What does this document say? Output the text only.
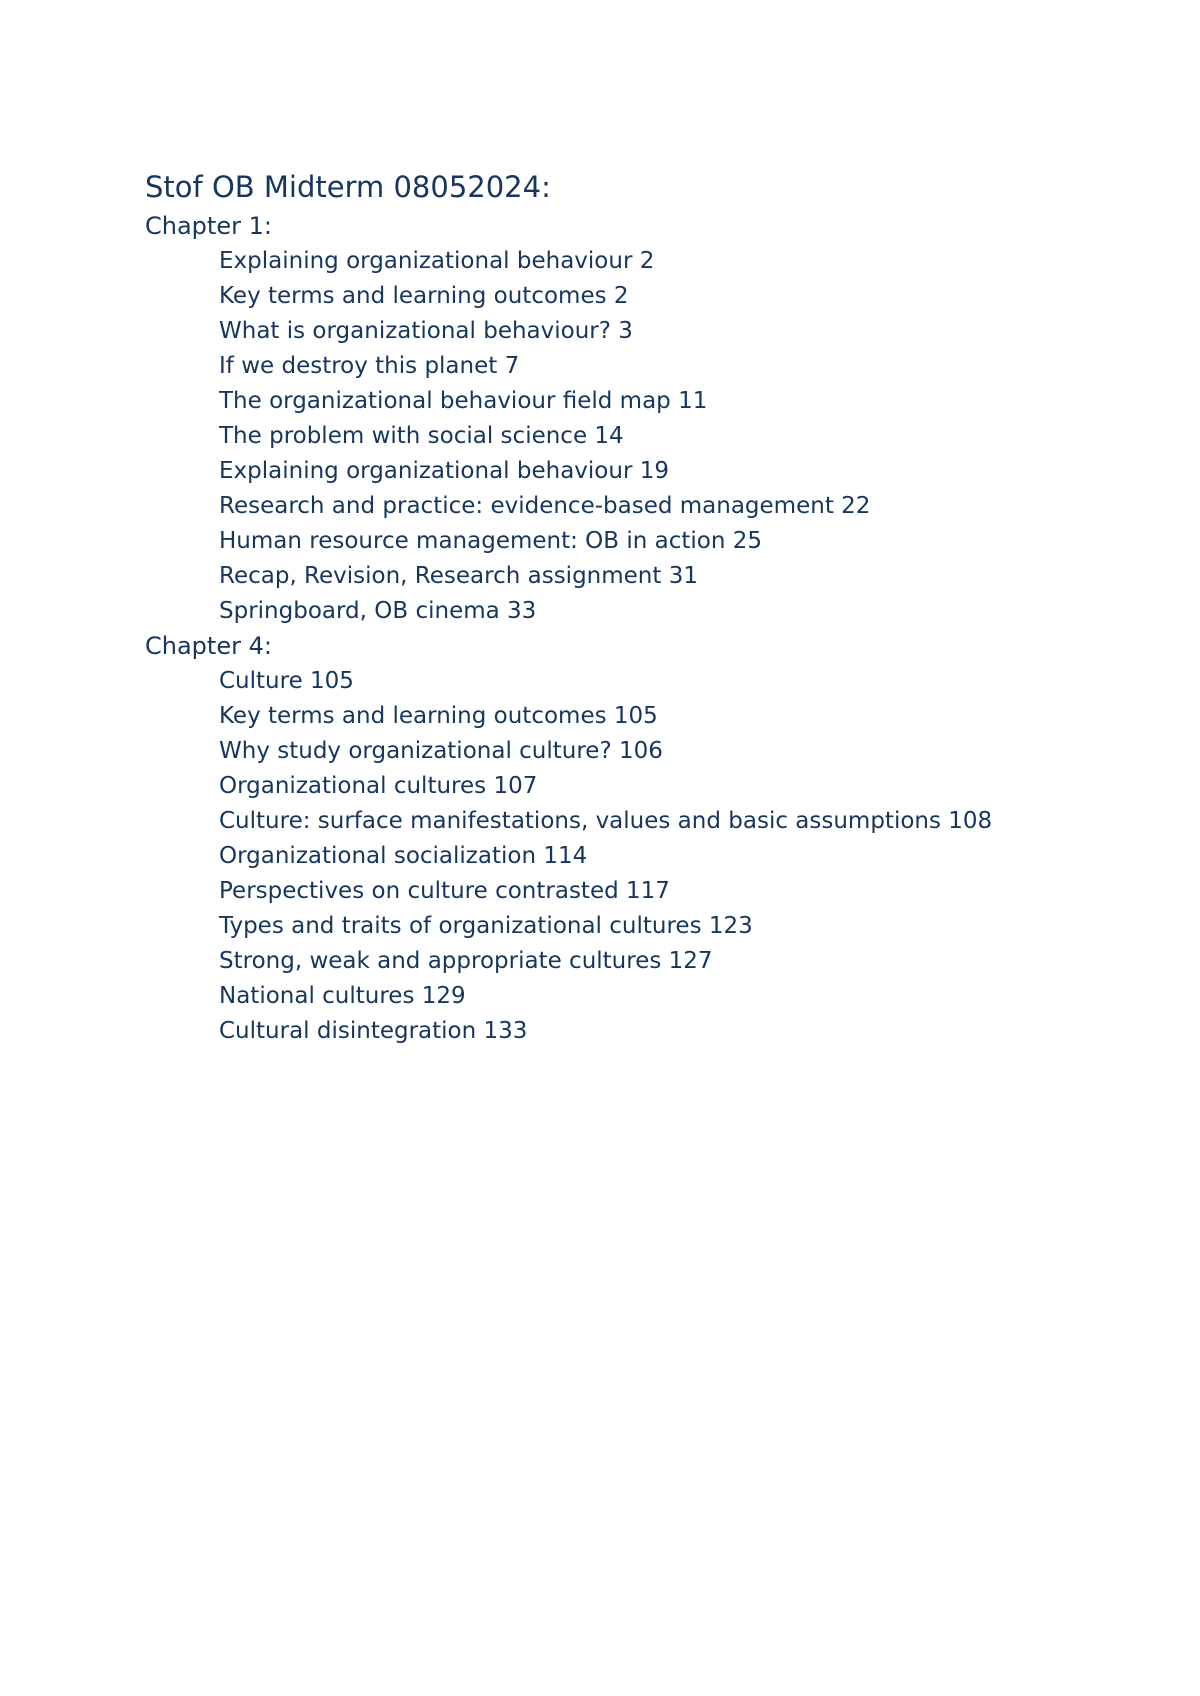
Stof OB Midterm 08052024:
Chapter 1:
Explaining organizational behaviour 2
Key terms and learning outcomes 2
What is organizational behaviour? 3
If we destroy this planet 7
The organizational behaviour field map 11
The problem with social science 14
Explaining organizational behaviour 19
Research and practice: evidence-based management 22
Human resource management: OB in action 25
Recap, Revision, Research assignment 31
Springboard, OB cinema 33
Chapter 4:
Culture 105
Key terms and learning outcomes 105
Why study organizational culture? 106
Organizational cultures 107
Culture: surface manifestations, values and basic assumptions 108
Organizational socialization 114
Perspectives on culture contrasted 117
Types and traits of organizational cultures 123
Strong, weak and appropriate cultures 127
National cultures 129
Cultural disintegration 133
